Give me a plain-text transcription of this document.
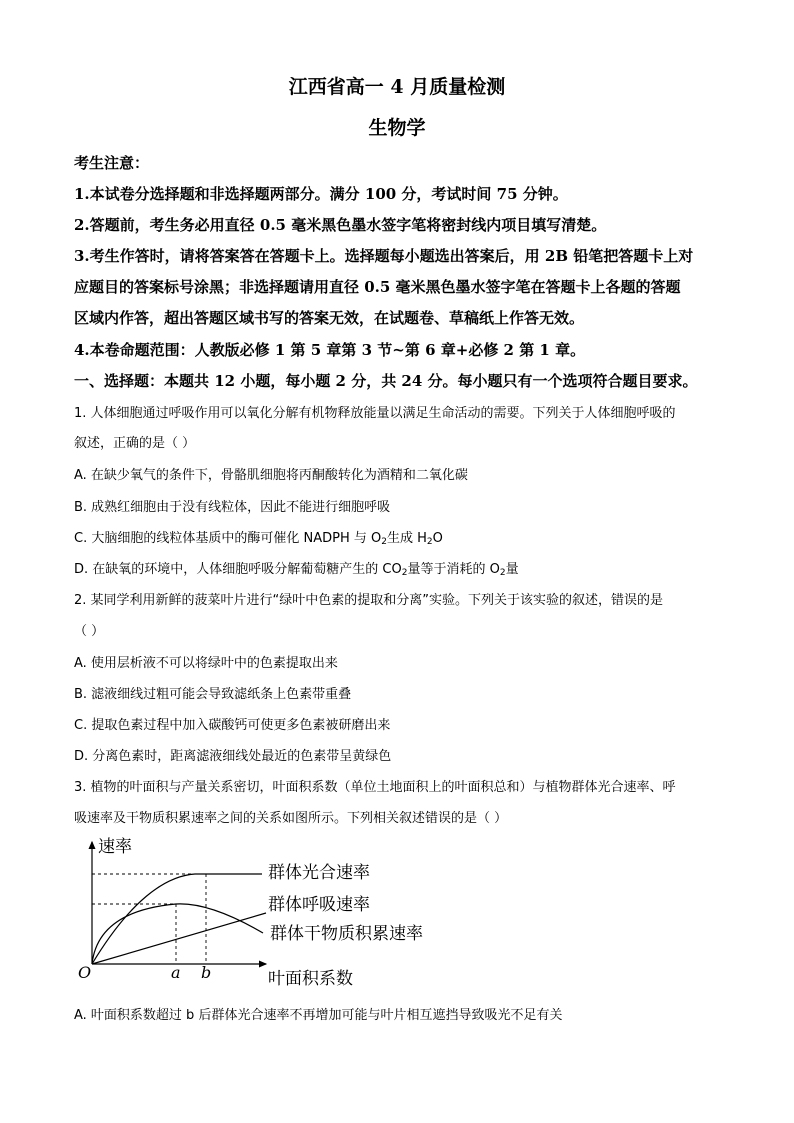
江西省高一 4 月质量检测
生物学
考生注意：
1.本试卷分选择题和非选择题两部分。满分 100 分，考试时间 75 分钟。
2.答题前，考生务必用直径 0.5 毫米黑色墨水签字笔将密封线内项目填写清楚。
3.考生作答时，请将答案答在答题卡上。选择题每小题选出答案后，用 2B 铅笔把答题卡上对
应题目的答案标号涂黑；非选择题请用直径 0.5 毫米黑色墨水签字笔在答题卡上各题的答题
区域内作答，超出答题区域书写的答案无效，在试题卷、草稿纸上作答无效。
4.本卷命题范围：人教版必修 1 第 5 章第 3 节~第 6 章+必修 2 第 1 章。
一、选择题：本题共 12 小题，每小题 2 分，共 24 分。每小题只有一个选项符合题目要求。
1. 人体细胞通过呼吸作用可以氧化分解有机物释放能量以满足生命活动的需要。下列关于人体细胞呼吸的
叙述，正确的是（ ）
A. 在缺少氧气的条件下，骨骼肌细胞将丙酮酸转化为酒精和二氧化碳
B. 成熟红细胞由于没有线粒体，因此不能进行细胞呼吸
C. 大脑细胞的线粒体基质中的酶可催化 NADPH 与 $O_2$生成 $H_2O$
D. 在缺氧的环境中，人体细胞呼吸分解葡萄糖产生的 $CO_2$量等于消耗的 $O_2$量
2. 某同学利用新鲜的菠菜叶片进行“绿叶中色素的提取和分离”实验。下列关于该实验的叙述，错误的是
（ ）
A. 使用层析液不可以将绿叶中的色素提取出来
B. 滤液细线过粗可能会导致滤纸条上色素带重叠
C. 提取色素过程中加入碳酸钙可使更多色素被研磨出来
D. 分离色素时，距离滤液细线处最近的色素带呈黄绿色
3. 植物的叶面积与产量关系密切，叶面积系数（单位土地面积上的叶面积总和）与植物群体光合速率、呼
吸速率及干物质积累速率之间的关系如图所示。下列相关叙述错误的是（ ）
速率
O	a b	叶面积系数
群体光合速率
群体呼吸速率
群体干物质积累速率
A. 叶面积系数超过 b 后群体光合速率不再增加可能与叶片相互遮挡导致吸光不足有关
